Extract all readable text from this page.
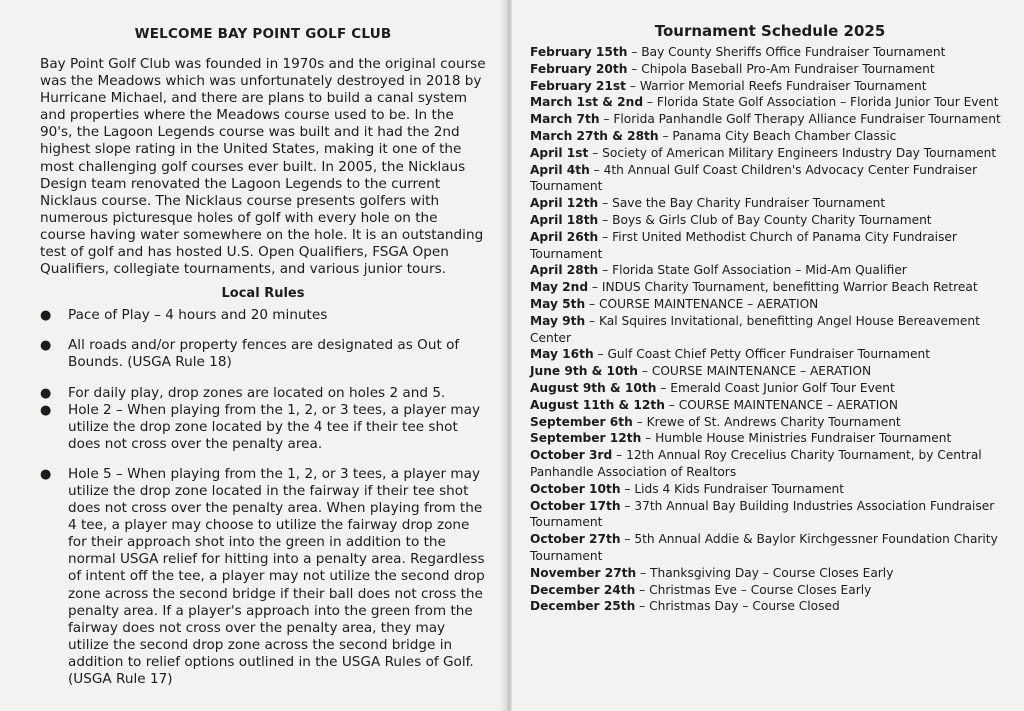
WELCOME BAY POINT GOLF CLUB

Bay Point Golf Club was founded in 1970s and the original course was the Meadows which was unfortunately destroyed in 2018 by Hurricane Michael, and there are plans to build a canal system and properties where the Meadows course used to be. In the 90's, the Lagoon Legends course was built and it had the 2nd highest slope rating in the United States, making it one of the most challenging golf courses ever built. In 2005, the Nicklaus Design team renovated the Lagoon Legends to the current Nicklaus course. The Nicklaus course presents golfers with numerous picturesque holes of golf with every hole on the course having water somewhere on the hole. It is an outstanding test of golf and has hosted U.S. Open Qualifiers, FSGA Open Qualifiers, collegiate tournaments, and various junior tours.

Local Rules
● Pace of Play – 4 hours and 20 minutes
● All roads and/or property fences are designated as Out of Bounds. (USGA Rule 18)
● For daily play, drop zones are located on holes 2 and 5.
● Hole 2 – When playing from the 1, 2, or 3 tees, a player may utilize the drop zone located by the 4 tee if their tee shot does not cross over the penalty area.
● Hole 5 – When playing from the 1, 2, or 3 tees, a player may utilize the drop zone located in the fairway if their tee shot does not cross over the penalty area. When playing from the 4 tee, a player may choose to utilize the fairway drop zone for their approach shot into the green in addition to the normal USGA relief for hitting into a penalty area. Regardless of intent off the tee, a player may not utilize the second drop zone across the second bridge if their ball does not cross the penalty area. If a player's approach into the green from the fairway does not cross over the penalty area, they may utilize the second drop zone across the second bridge in addition to relief options outlined in the USGA Rules of Golf. (USGA Rule 17)
Tournament Schedule 2025
February 15th – Bay County Sheriffs Office Fundraiser Tournament
February 20th – Chipola Baseball Pro-Am Fundraiser Tournament
February 21st – Warrior Memorial Reefs Fundraiser Tournament
March 1st & 2nd – Florida State Golf Association – Florida Junior Tour Event
March 7th – Florida Panhandle Golf Therapy Alliance Fundraiser Tournament
March 27th & 28th – Panama City Beach Chamber Classic
April 1st – Society of American Military Engineers Industry Day Tournament
April 4th – 4th Annual Gulf Coast Children's Advocacy Center Fundraiser Tournament
April 12th – Save the Bay Charity Fundraiser Tournament
April 18th – Boys & Girls Club of Bay County Charity Tournament
April 26th – First United Methodist Church of Panama City Fundraiser Tournament
April 28th – Florida State Golf Association – Mid-Am Qualifier
May 2nd – INDUS Charity Tournament, benefitting Warrior Beach Retreat
May 5th – COURSE MAINTENANCE – AERATION
May 9th – Kal Squires Invitational, benefitting Angel House Bereavement Center
May 16th – Gulf Coast Chief Petty Officer Fundraiser Tournament
June 9th & 10th – COURSE MAINTENANCE – AERATION
August 9th & 10th – Emerald Coast Junior Golf Tour Event
August 11th & 12th – COURSE MAINTENANCE – AERATION
September 6th – Krewe of St. Andrews Charity Tournament
September 12th – Humble House Ministries Fundraiser Tournament
October 3rd – 12th Annual Roy Crecelius Charity Tournament, by Central Panhandle Association of Realtors
October 10th – Lids 4 Kids Fundraiser Tournament
October 17th – 37th Annual Bay Building Industries Association Fundraiser Tournament
October 27th – 5th Annual Addie & Baylor Kirchgessner Foundation Charity Tournament
November 27th – Thanksgiving Day – Course Closes Early
December 24th – Christmas Eve – Course Closes Early
December 25th – Christmas Day – Course Closed
